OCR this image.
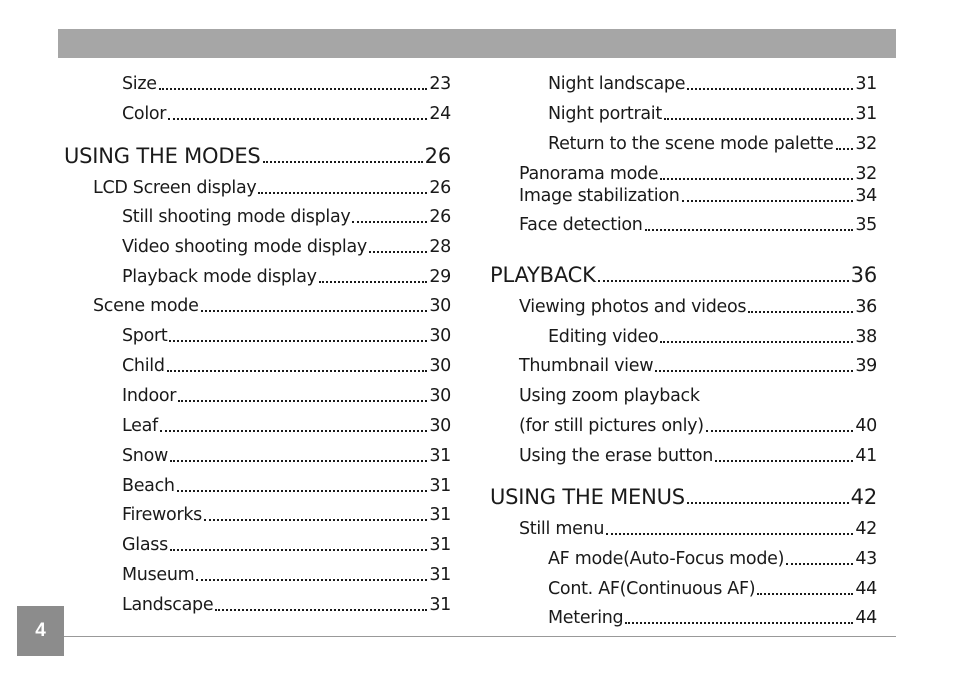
Size	23
Color	24
USING THE MODES	26
LCD Screen display	26
Still shooting mode display	26
Video shooting mode display	28
Playback mode display	29
Scene mode	30
Sport	30
Child	30
Indoor	30
Leaf	30
Snow	31
Beach	31
Fireworks	31
Glass	31
Museum	31
Landscape	31
Night landscape	31
Night portrait	31
Return to the scene mode palette 32
Panorama mode	32
Image stabilization	34
Face detection	35
PLAYBACK	36
Viewing photos and videos	36
Editing video	38
Thumbnail view	39
Using zoom playback
(for still pictures only)	40
Using the erase button	41
USING THE MENUS	42
Still menu	42
AF mode(Auto-Focus mode)	43
Cont. AF(Continuous AF)	44
Metering	44
4
